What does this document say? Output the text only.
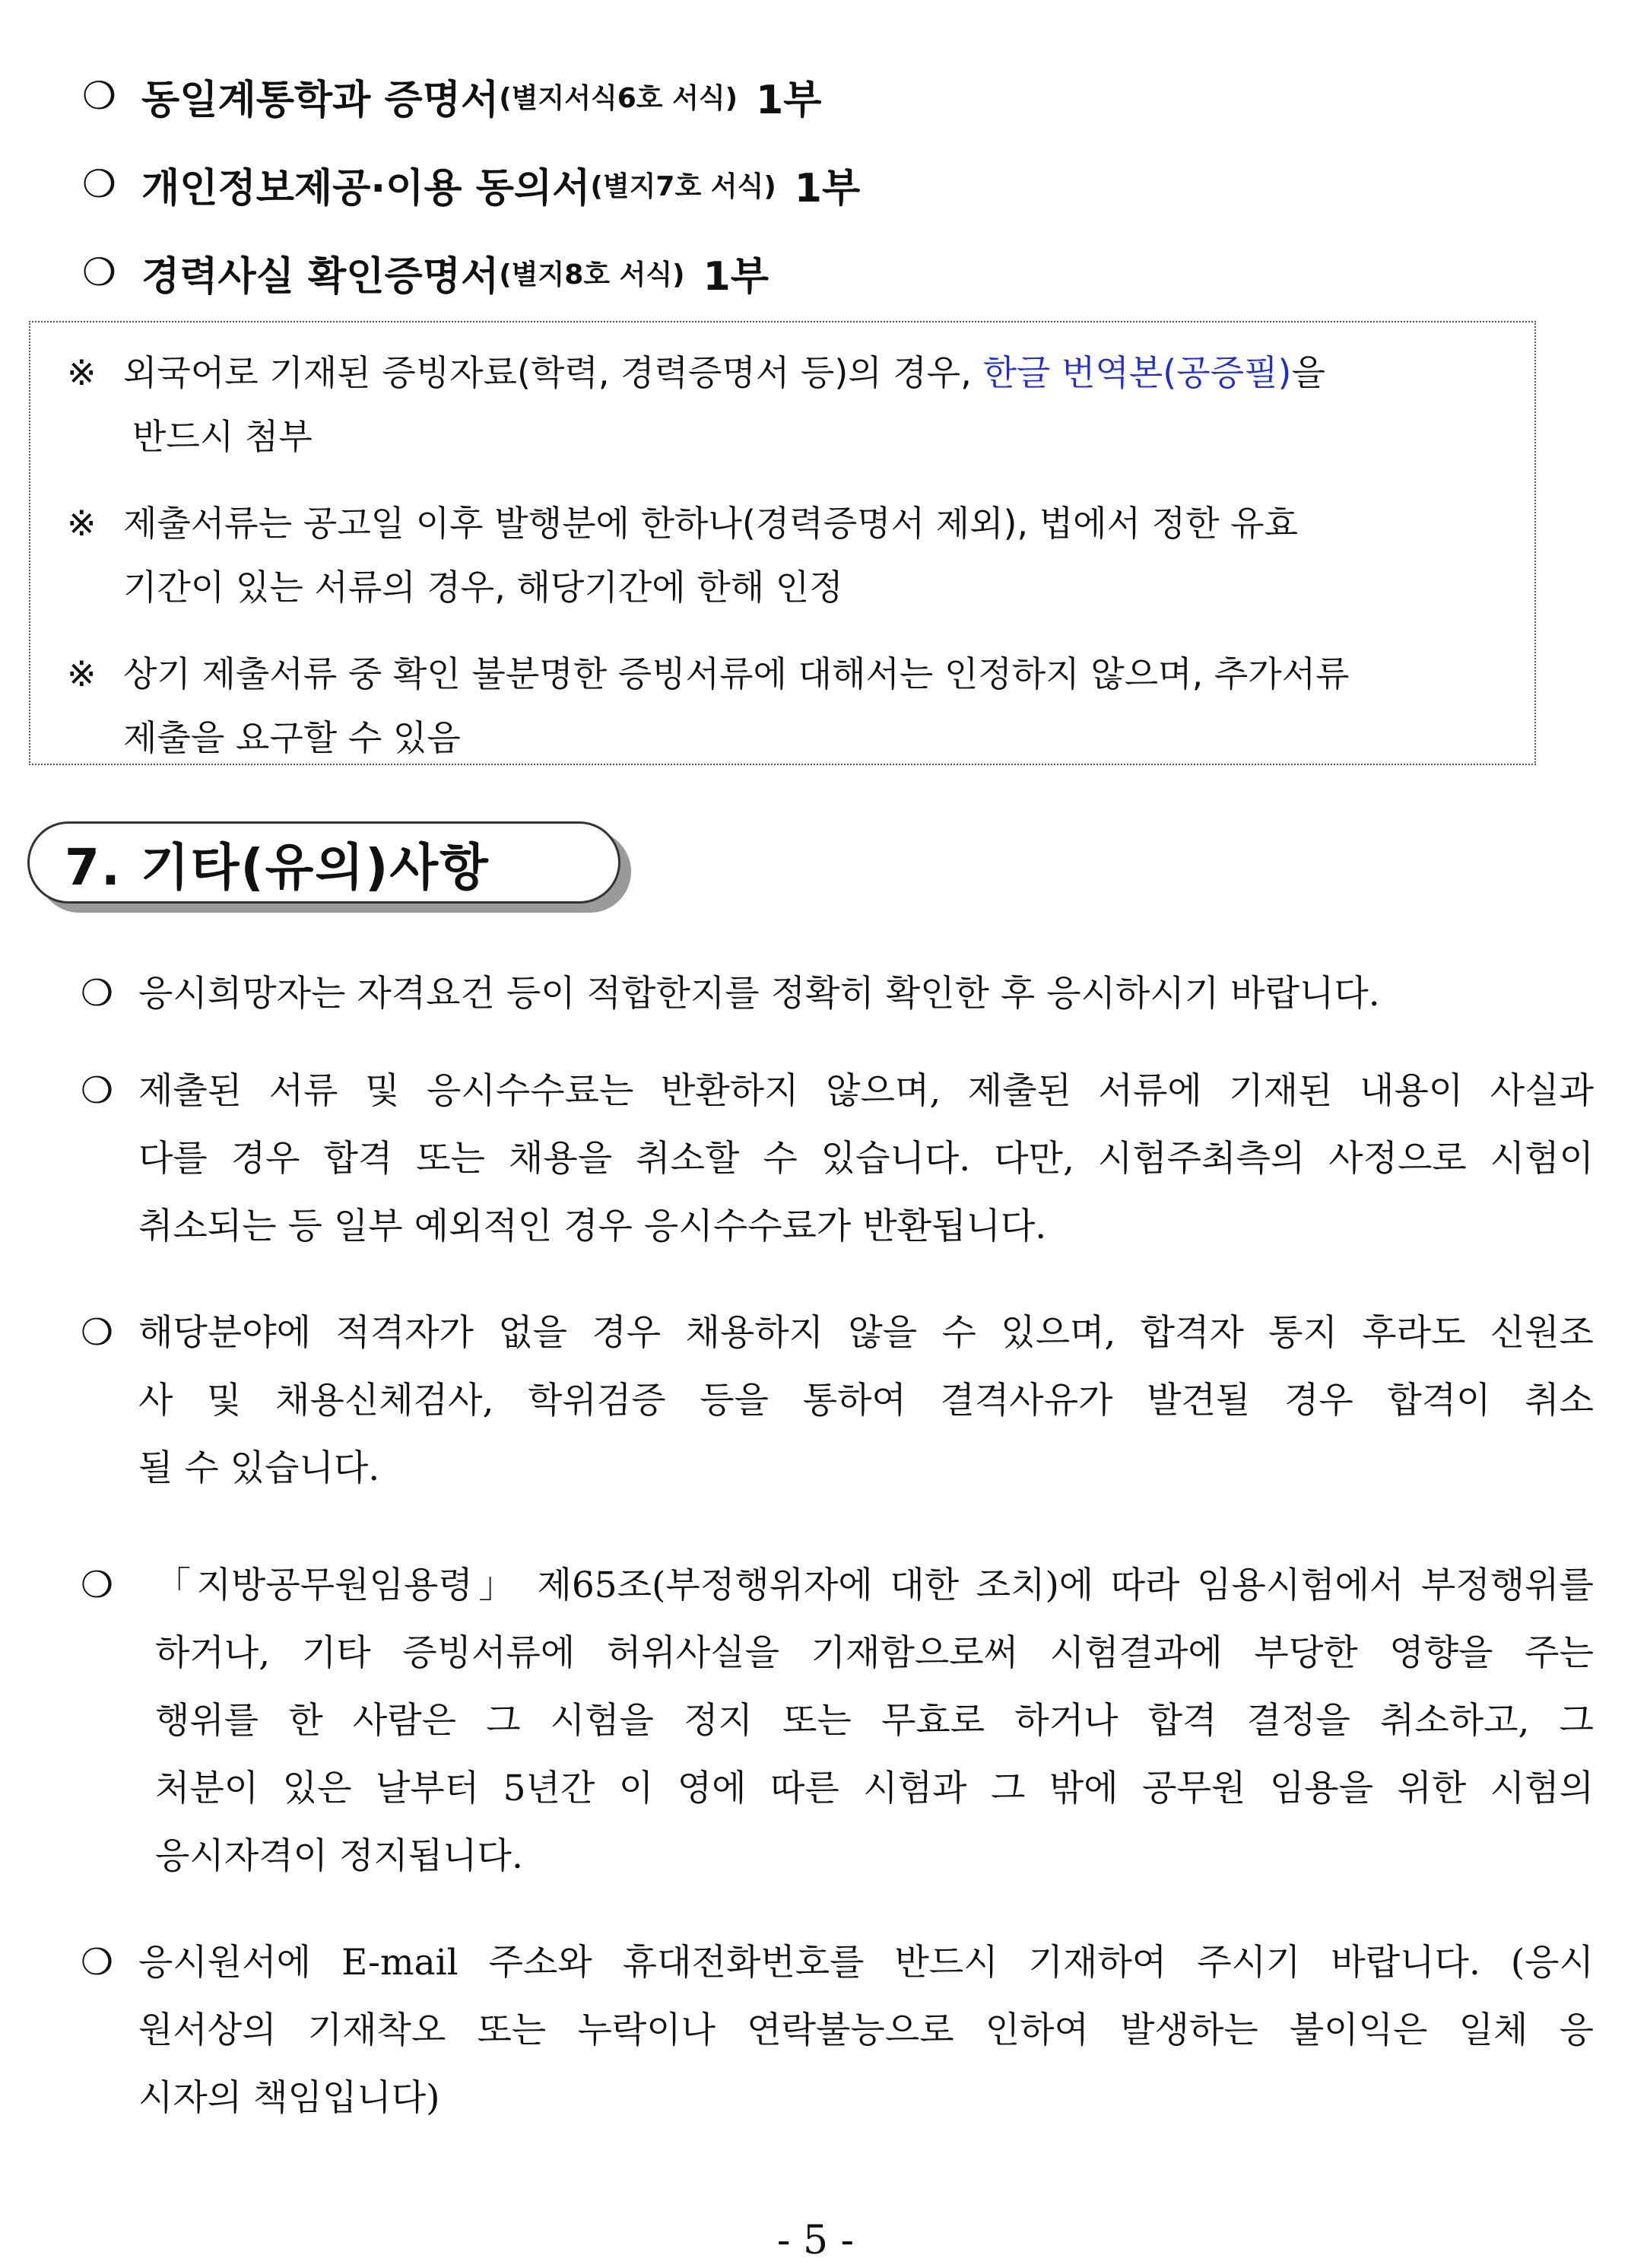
❍ 동일계통학과 증명서 (별지서식6호 서식) 1부
❍ 개인정보제공·이용 동의서 (별지7호 서식) 1부
❍ 경력사실 확인증명서 (별지8호 서식) 1부
※ 외국어로 기재된 증빙자료(학력, 경력증명서 등)의 경우, 한글 번역본(공증필)을
반드시 첨부
※ 제출서류는 공고일 이후 발행분에 한하나(경력증명서 제외), 법에서 정한 유효
기간이 있는 서류의 경우, 해당기간에 한해 인정
※ 상기 제출서류 중 확인 불분명한 증빙서류에 대해서는 인정하지 않으며, 추가서류
제출을 요구할 수 있음
7. 기타(유의)사항
❍ 응시희망자는 자격요건 등이 적합한지를 정확히 확인한 후 응시하시기 바랍니다.
❍ 제출된 서류 및 응시수수료는 반환하지 않으며, 제출된 서류에 기재된 내용이 사실과
다를 경우 합격 또는 채용을 취소할 수 있습니다. 다만, 시험주최측의 사정으로 시험이
취소되는 등 일부 예외적인 경우 응시수수료가 반환됩니다.
❍ 해당분야에 적격자가 없을 경우 채용하지 않을 수 있으며, 합격자 통지 후라도 신원조
사 및 채용신체검사, 학위검증 등을 통하여 결격사유가 발견될 경우 합격이 취소
될 수 있습니다.
❍ 「지방공무원임용령」 제65조(부정행위자에 대한 조치)에 따라 임용시험에서 부정행위를
하거나, 기타 증빙서류에 허위사실을 기재함으로써 시험결과에 부당한 영향을 주는
행위를 한 사람은 그 시험을 정지 또는 무효로 하거나 합격 결정을 취소하고, 그
처분이 있은 날부터 5년간 이 영에 따른 시험과 그 밖에 공무원 임용을 위한 시험의
응시자격이 정지됩니다.
❍ 응시원서에 E-mail 주소와 휴대전화번호를 반드시 기재하여 주시기 바랍니다. (응시
원서상의 기재착오 또는 누락이나 연락불능으로 인하여 발생하는 불이익은 일체 응
시자의 책임입니다)
- 5 -
